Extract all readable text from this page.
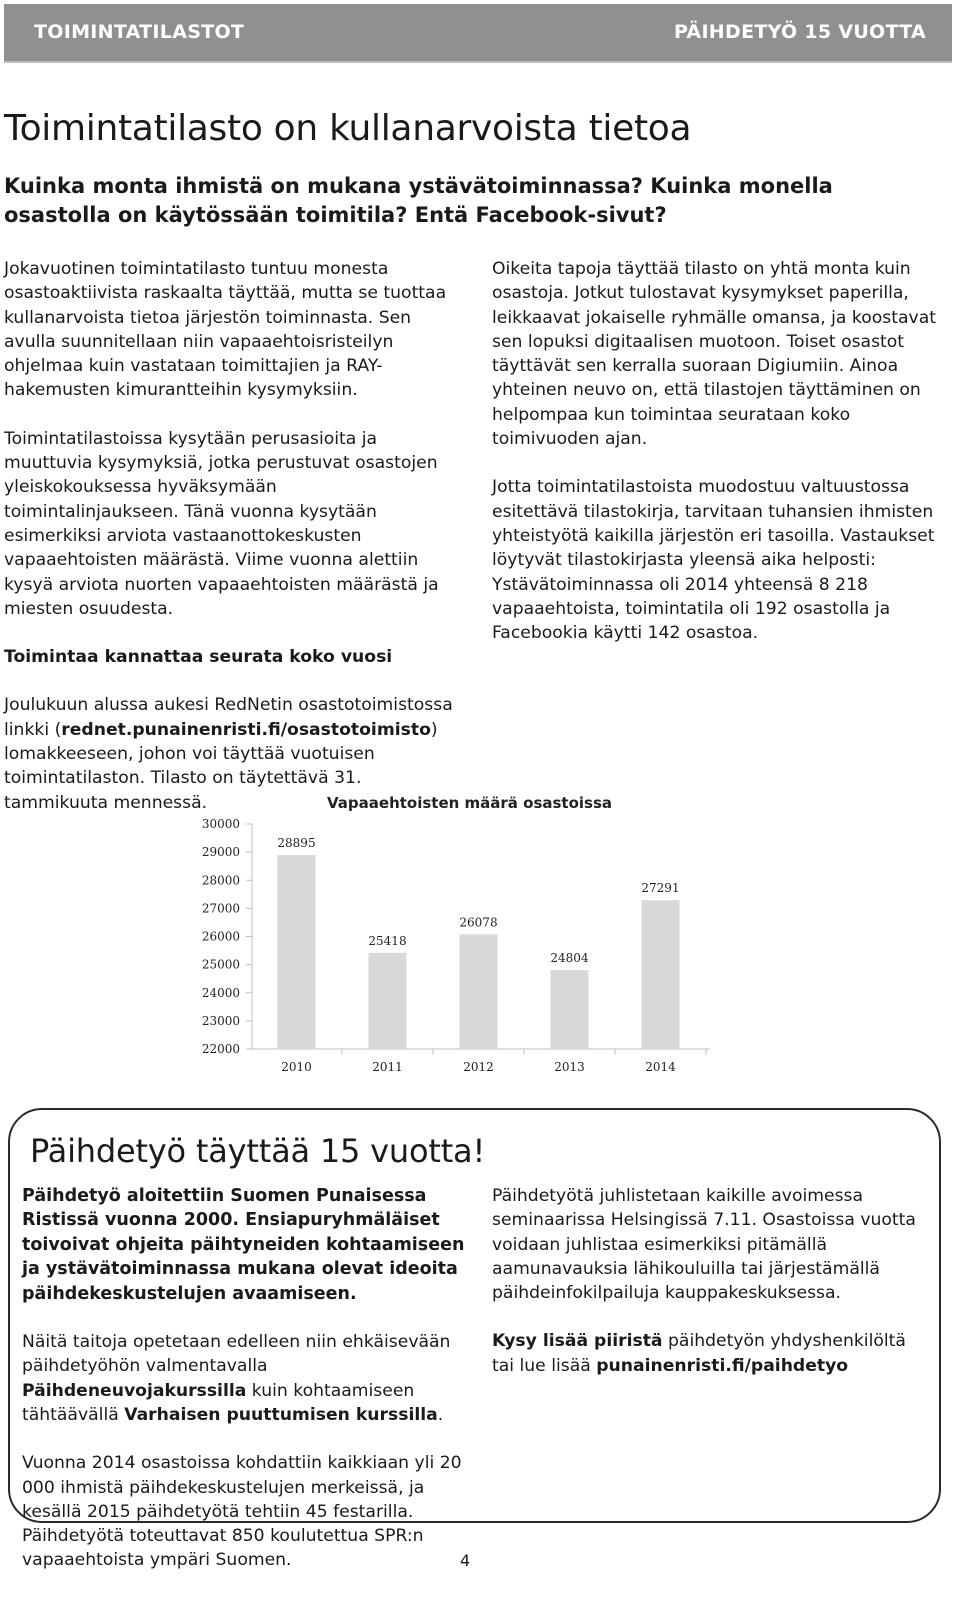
TOIMINTATILASTOT	PÄIHDETYÖ 15 VUOTTA
Toimintatilasto on kullanarvoista tietoa

Kuinka monta ihmistä on mukana ystävätoiminnassa? Kuinka monella osastolla on käytössään toimitila? Entä Facebook-sivut?

Jokavuotinen toimintatilasto tuntuu monesta osastoaktiivista raskaalta täyttää, mutta se tuottaa kullanarvoista tietoa järjestön toiminnasta. Sen avulla suunnitellaan niin vapaaehtoisristeilyn ohjelmaa kuin vastataan toimittajien ja RAY-hakemusten kimurantteihin kysymyksiin.

Toimintatilastoissa kysytään perusasioita ja muuttuvia kysymyksiä, jotka perustuvat osastojen yleiskokouksessa hyväksymään toimintalinjaukseen. Tänä vuonna kysytään esimerkiksi arviota vastaanottokeskusten vapaaehtoisten määrästä. Viime vuonna alettiin kysyä arviota nuorten vapaaehtoisten määrästä ja miesten osuudesta.

Toimintaa kannattaa seurata koko vuosi

Joulukuun alussa aukesi RedNetin osastotoimistossa linkki (rednet.punainenristi.fi/osastotoimisto) lomakkeeseen, johon voi täyttää vuotuisen toimintatilaston. Tilasto on täytettävä 31. tammikuuta mennessä.

Oikeita tapoja täyttää tilasto on yhtä monta kuin osastoja. Jotkut tulostavat kysymykset paperilla, leikkaavat jokaiselle ryhmälle omansa, ja koostavat sen lopuksi digitaalisen muotoon. Toiset osastot täyttävät sen kerralla suoraan Digiumiin. Ainoa yhteinen neuvo on, että tilastojen täyttäminen on helpompaa kun toimintaa seurataan koko toimivuoden ajan.

Jotta toimintatilastoista muodostuu valtuustossa esitettävä tilastokirja, tarvitaan tuhansien ihmisten yhteistyötä kaikilla järjestön eri tasoilla. Vastaukset löytyvät tilastokirjasta yleensä aika helposti: Ystävätoiminnassa oli 2014 yhteensä 8 218 vapaaehtoista, toimintatila oli 192 osastolla ja Facebookia käytti 142 osastoa.

Vapaaehtoisten määrä osastoissa
30000
29000
28000
27000
26000
25000
24000
23000
22000
28895
2010
25418
2011
26078
2012
24804
2013
27291
2014
Päihdetyö täyttää 15 vuotta!

Päihdetyö aloitettiin Suomen Punaisessa Ristissä vuonna 2000. Ensiapuryhmäläiset toivoivat ohjeita päihtyneiden kohtaamiseen ja ystävätoiminnassa mukana olevat ideoita päihdekeskustelujen avaamiseen.

Näitä taitoja opetetaan edelleen niin ehkäisevään päihdetyöhön valmentavalla Päihdeneuvojakurssilla kuin kohtaamiseen tähtäävällä Varhaisen puuttumisen kurssilla.

Vuonna 2014 osastoissa kohdattiin kaikkiaan yli 20 000 ihmistä päihdekeskustelujen merkeissä, ja kesällä 2015 päihdetyötä tehtiin 45 festarilla. Päihdetyötä toteuttavat 850 koulutettua SPR:n vapaaehtoista ympäri Suomen.

Päihdetyötä juhlistetaan kaikille avoimessa seminaarissa Helsingissä 7.11. Osastoissa vuotta voidaan juhlistaa esimerkiksi pitämällä aamunavauksia lähikouluilla tai järjestämällä päihdeinfokilpailuja kauppakeskuksessa.

Kysy lisää piiristä päihdetyön yhdyshenkilöltä tai lue lisää punainenristi.fi/paihdetyo

4
